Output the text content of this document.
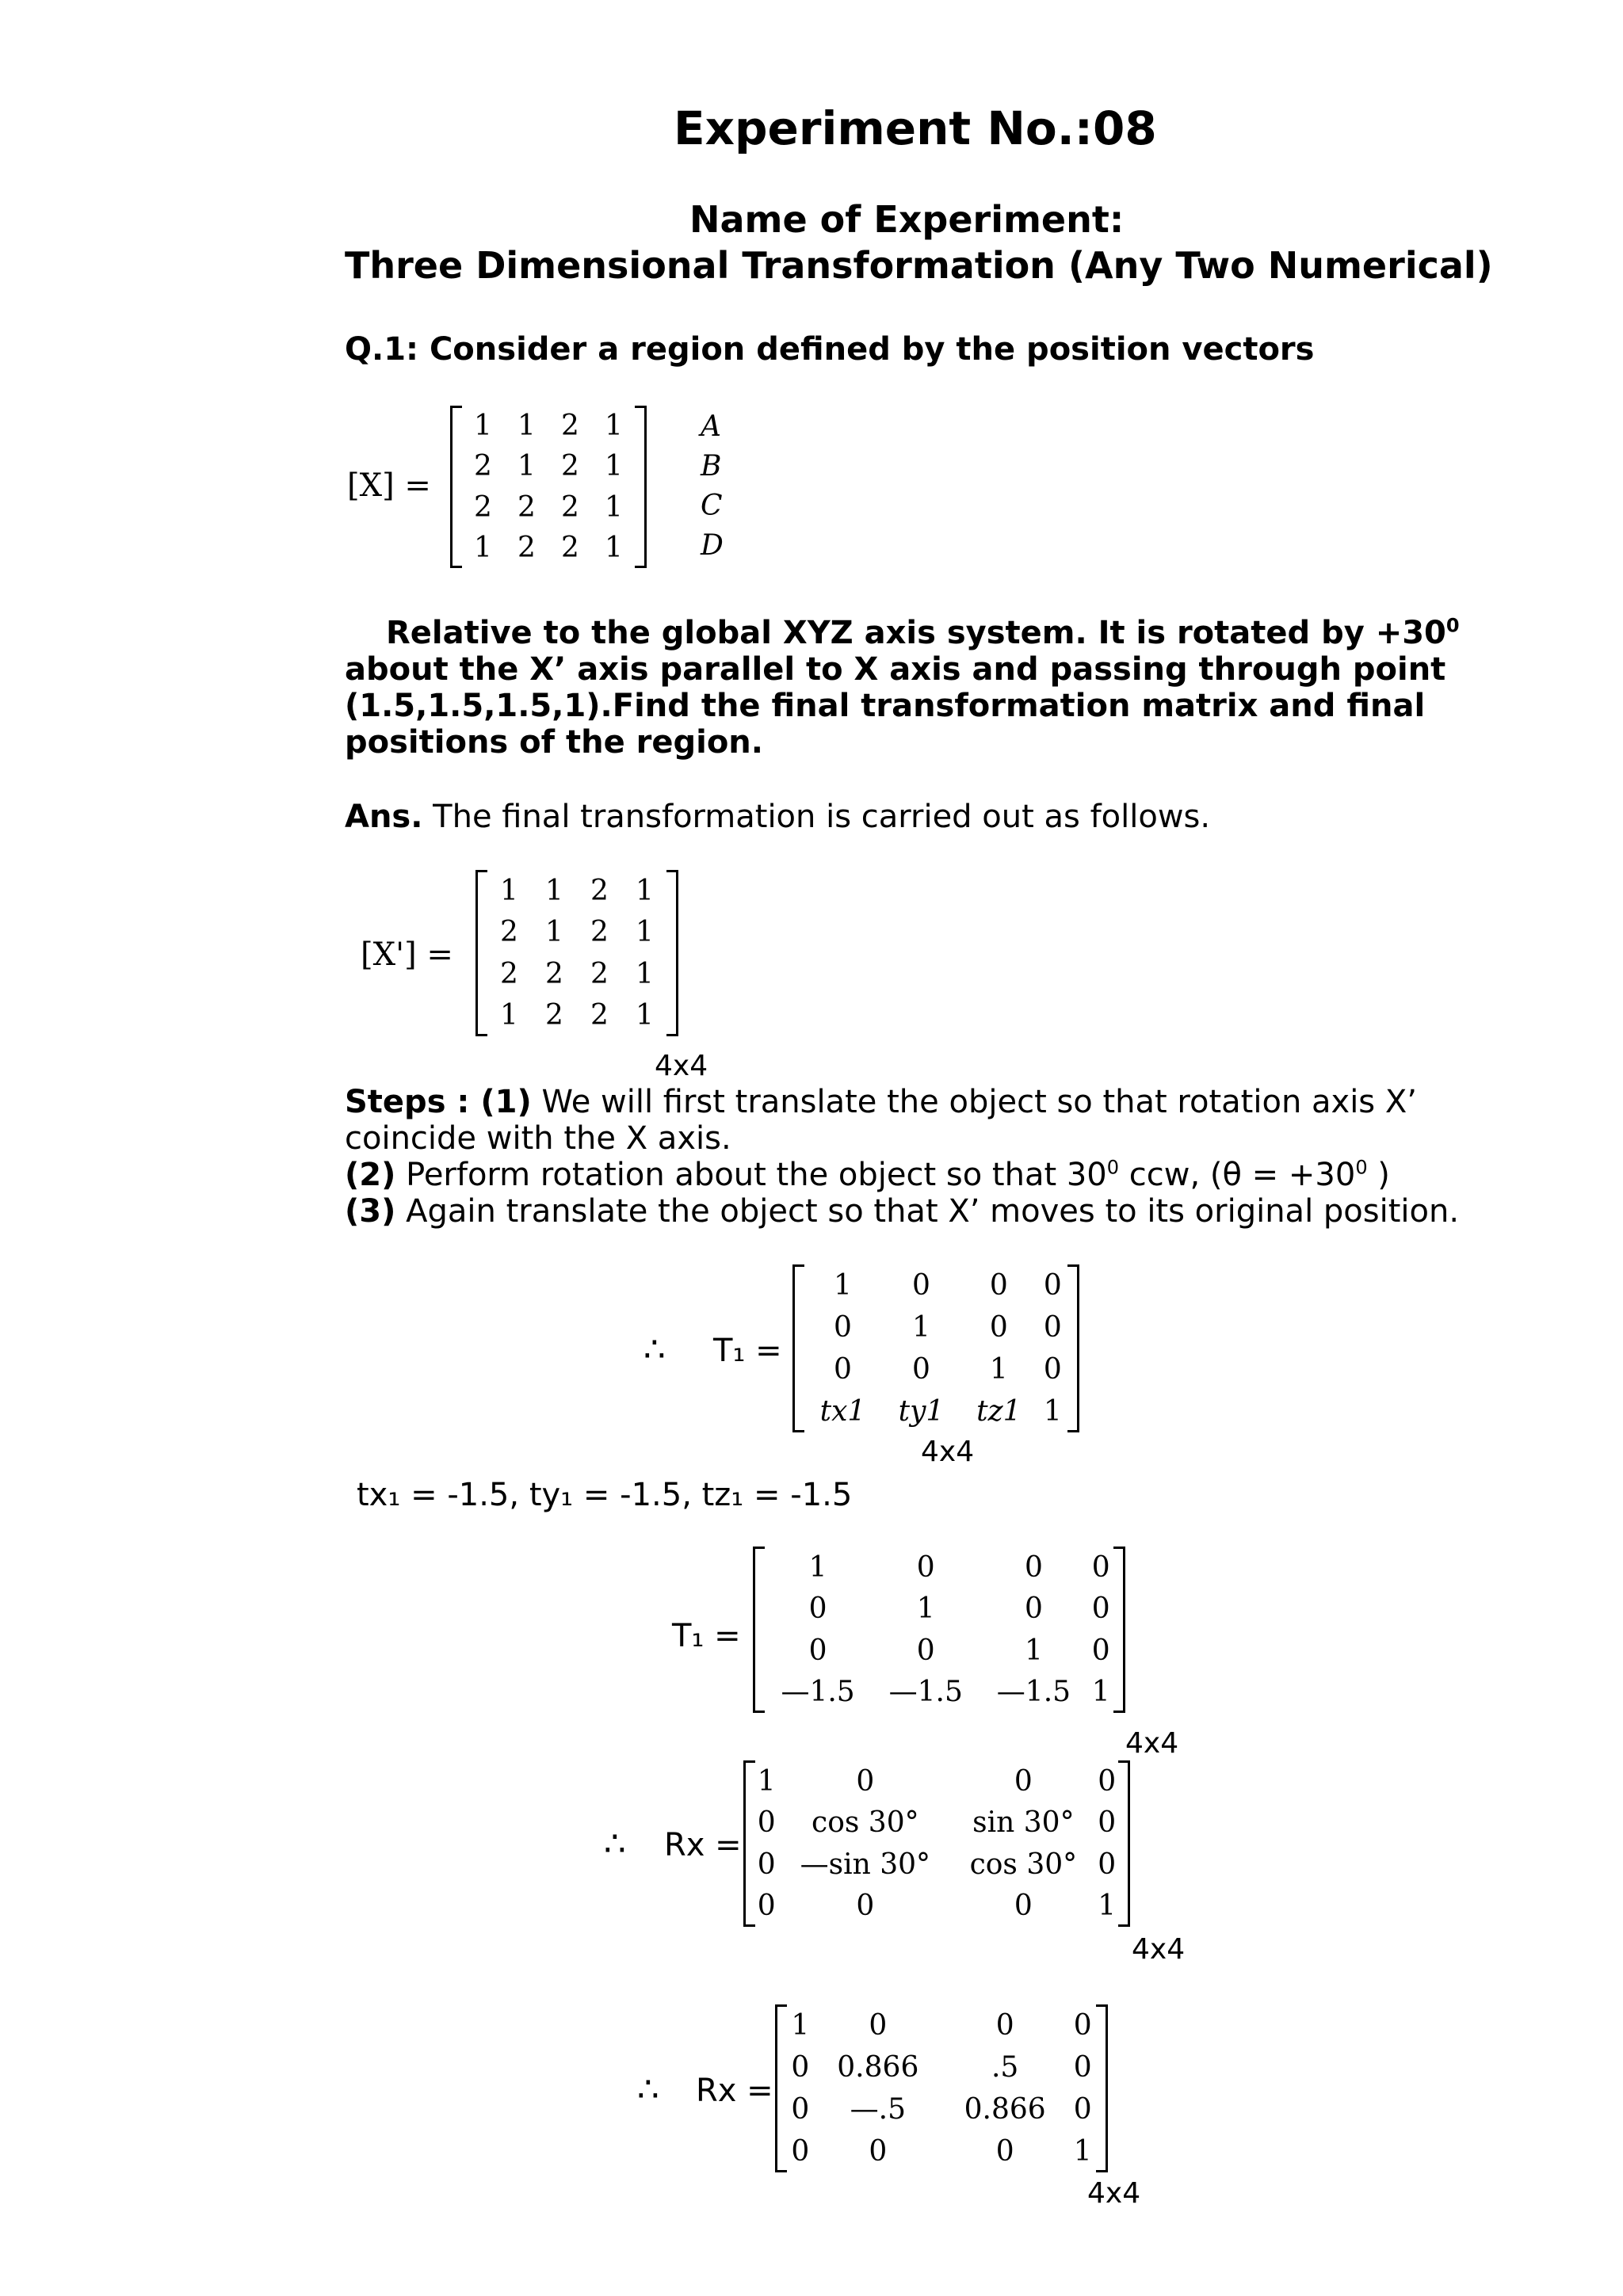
Experiment No.:08
Name of Experiment:
Three Dimensional Transformation (Any Two Numerical)
Q.1: Consider a region defined by the position vectors
[X] =
1	1	2	1
2	1	2	1
2	2	2	1
1	2	2	1
A
B
C
D
Relative to the global XYZ axis system. It is rotated by $+30^0$ about the X’ axis parallel to X axis and passing through point (1.5,1.5,1.5,1).Find the final transformation matrix and final positions of the region.
Ans. The final transformation is carried out as follows.
[X'] =
1	1	2	1
2	1	2	1
2	2	2	1
1	2	2	1
4x4
Steps : (1) We will first translate the object so that rotation axis X’ coincide with the X axis.
(2) Perform rotation about the object so that $30^0$ ccw, ($\theta = +30^0$ )
(3) Again translate the object so that X’ moves to its original position.
∴ T₁ =
1	0	0	0
0	1	0	0
0	0	1	0
tx1	ty1	tz1	1
4x4
tx₁ = -1.5, ty₁ = -1.5, tz₁ = -1.5
T₁ =
1	0	0	0
0	1	0	0
0	0	1	0
—1.5	—1.5	—1.5	1
4x4
∴ Rx =
1	0	0	0
0	cos 30°	sin 30°	0
0	—sin 30°	cos 30°	0
0	0	0	1
4x4
∴ Rx =
1	0	0	0
0	0.866	.5	0
0	—.5	0.866	0
0	0	0	1
4x4
